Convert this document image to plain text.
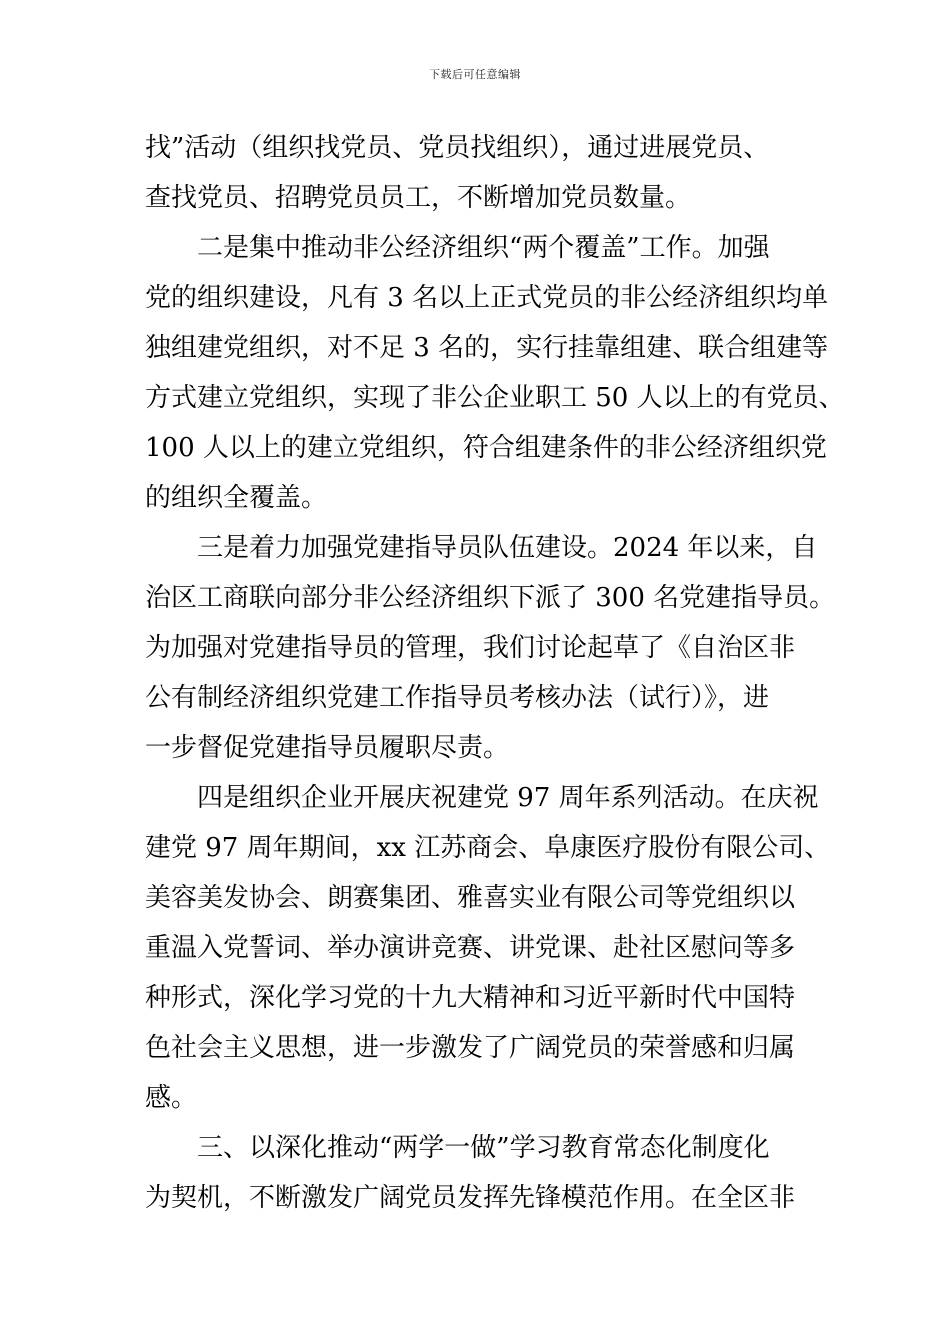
下载后可任意编辑
找”活动（组织找党员、党员找组织），通过进展党员、
查找党员、招聘党员员工，不断增加党员数量。
二是集中推动非公经济组织“两个覆盖”工作。加强
党的组织建设，凡有 3 名以上正式党员的非公经济组织均单
独组建党组织，对不足 3 名的，实行挂靠组建、联合组建等
方式建立党组织，实现了非公企业职工 50 人以上的有党员、
100 人以上的建立党组织，符合组建条件的非公经济组织党
的组织全覆盖。
三是着力加强党建指导员队伍建设。2024 年以来，自
治区工商联向部分非公经济组织下派了 300 名党建指导员。
为加强对党建指导员的管理，我们讨论起草了《自治区非
公有制经济组织党建工作指导员考核办法（试行）》，进
一步督促党建指导员履职尽责。
四是组织企业开展庆祝建党 97 周年系列活动。在庆祝
建党 97 周年期间，xx 江苏商会、阜康医疗股份有限公司、
美容美发协会、朗赛集团、雅喜实业有限公司等党组织以
重温入党誓词、举办演讲竞赛、讲党课、赴社区慰问等多
种形式，深化学习党的十九大精神和习近平新时代中国特
色社会主义思想，进一步激发了广阔党员的荣誉感和归属
感。
三、以深化推动“两学一做”学习教育常态化制度化
为契机，不断激发广阔党员发挥先锋模范作用。在全区非
